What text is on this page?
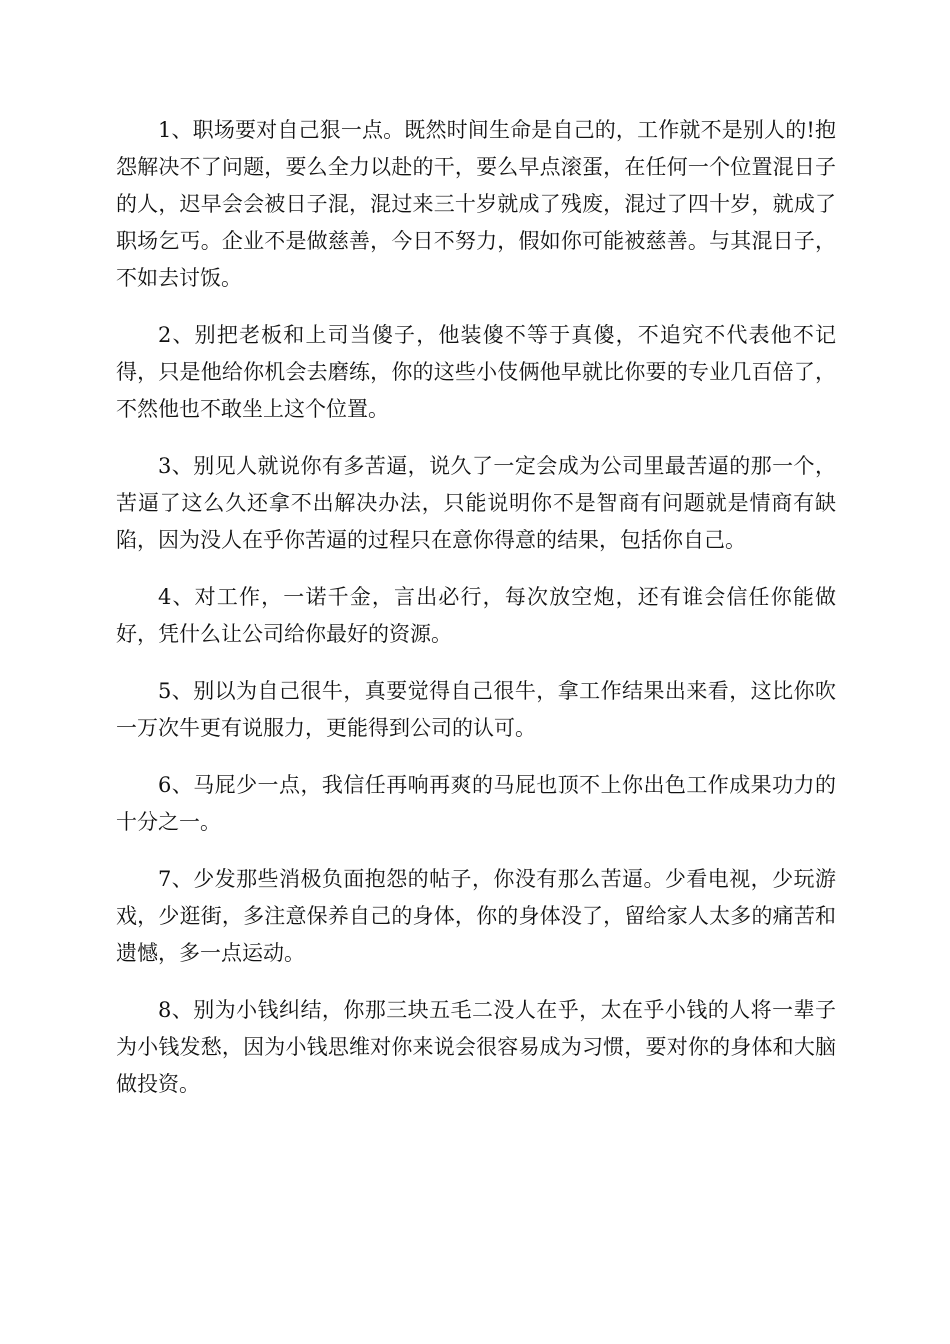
1、职场要对自己狠一点。既然时间生命是自己的，工作就不是别人的!抱怨解决不了问题，要么全力以赴的干，要么早点滚蛋，在任何一个位置混日子的人，迟早会会被日子混，混过来三十岁就成了残废，混过了四十岁，就成了职场乞丐。企业不是做慈善，今日不努力，假如你可能被慈善。与其混日子，不如去讨饭。

2、别把老板和上司当傻子，他装傻不等于真傻，不追究不代表他不记得，只是他给你机会去磨练，你的这些小伎俩他早就比你要的专业几百倍了，不然他也不敢坐上这个位置。

3、别见人就说你有多苦逼，说久了一定会成为公司里最苦逼的那一个，苦逼了这么久还拿不出解决办法，只能说明你不是智商有问题就是情商有缺陷，因为没人在乎你苦逼的过程只在意你得意的结果，包括你自己。

4、对工作，一诺千金，言出必行，每次放空炮，还有谁会信任你能做好，凭什么让公司给你最好的资源。

5、别以为自己很牛，真要觉得自己很牛，拿工作结果出来看，这比你吹一万次牛更有说服力，更能得到公司的认可。

6、马屁少一点，我信任再响再爽的马屁也顶不上你出色工作成果功力的十分之一。

7、少发那些消极负面抱怨的帖子，你没有那么苦逼。少看电视，少玩游戏，少逛街，多注意保养自己的身体，你的身体没了，留给家人太多的痛苦和遗憾，多一点运动。

8、别为小钱纠结，你那三块五毛二没人在乎，太在乎小钱的人将一辈子为小钱发愁，因为小钱思维对你来说会很容易成为习惯，要对你的身体和大脑做投资。
